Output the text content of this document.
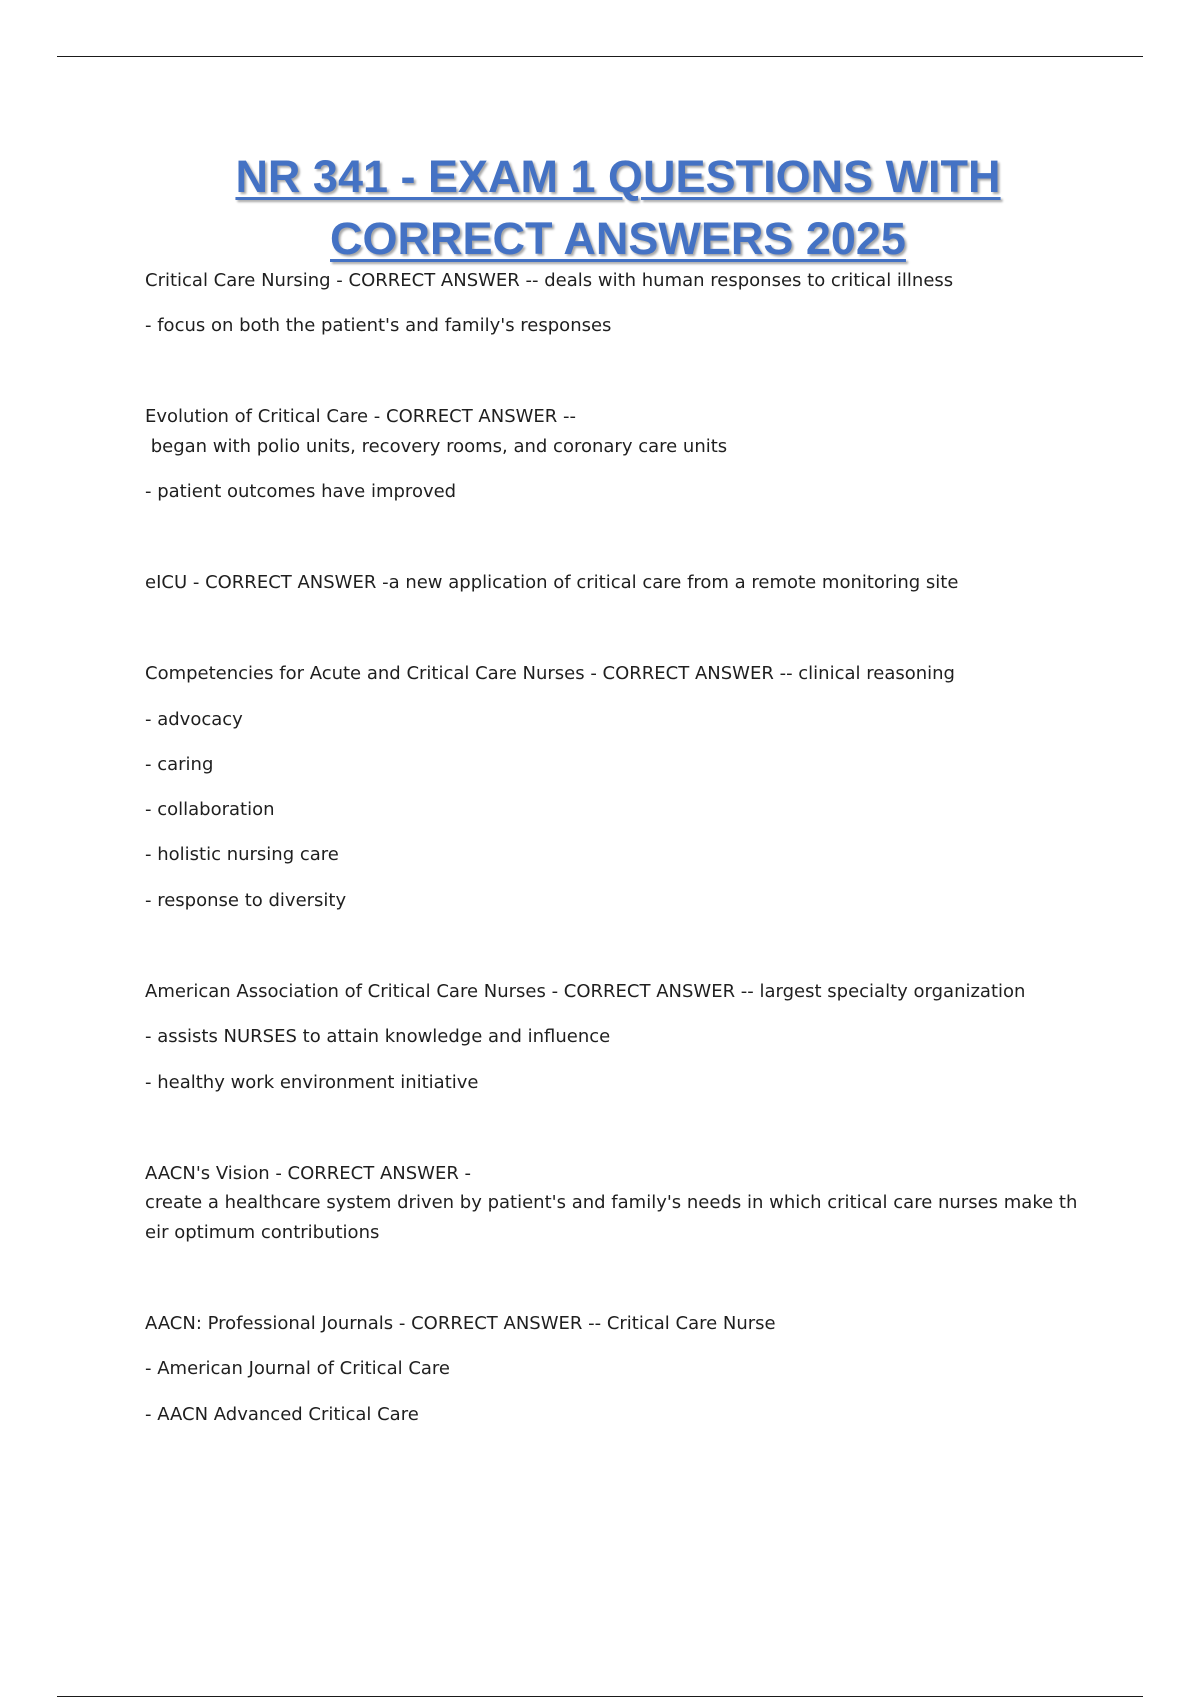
NR 341 - EXAM 1 QUESTIONS WITH
CORRECT ANSWERS 2025

Critical Care Nursing - CORRECT ANSWER -- deals with human responses to critical illness

- focus on both the patient's and family's responses

Evolution of Critical Care - CORRECT ANSWER --

began with polio units, recovery rooms, and coronary care units

- patient outcomes have improved

eICU - CORRECT ANSWER -a new application of critical care from a remote monitoring site

Competencies for Acute and Critical Care Nurses - CORRECT ANSWER -- clinical reasoning

- advocacy

- caring

- collaboration

- holistic nursing care

- response to diversity

American Association of Critical Care Nurses - CORRECT ANSWER -- largest specialty organization

- assists NURSES to attain knowledge and influence

- healthy work environment initiative

AACN's Vision - CORRECT ANSWER -

create a healthcare system driven by patient's and family's needs in which critical care nurses make th

eir optimum contributions

AACN: Professional Journals - CORRECT ANSWER -- Critical Care Nurse

- American Journal of Critical Care

- AACN Advanced Critical Care
